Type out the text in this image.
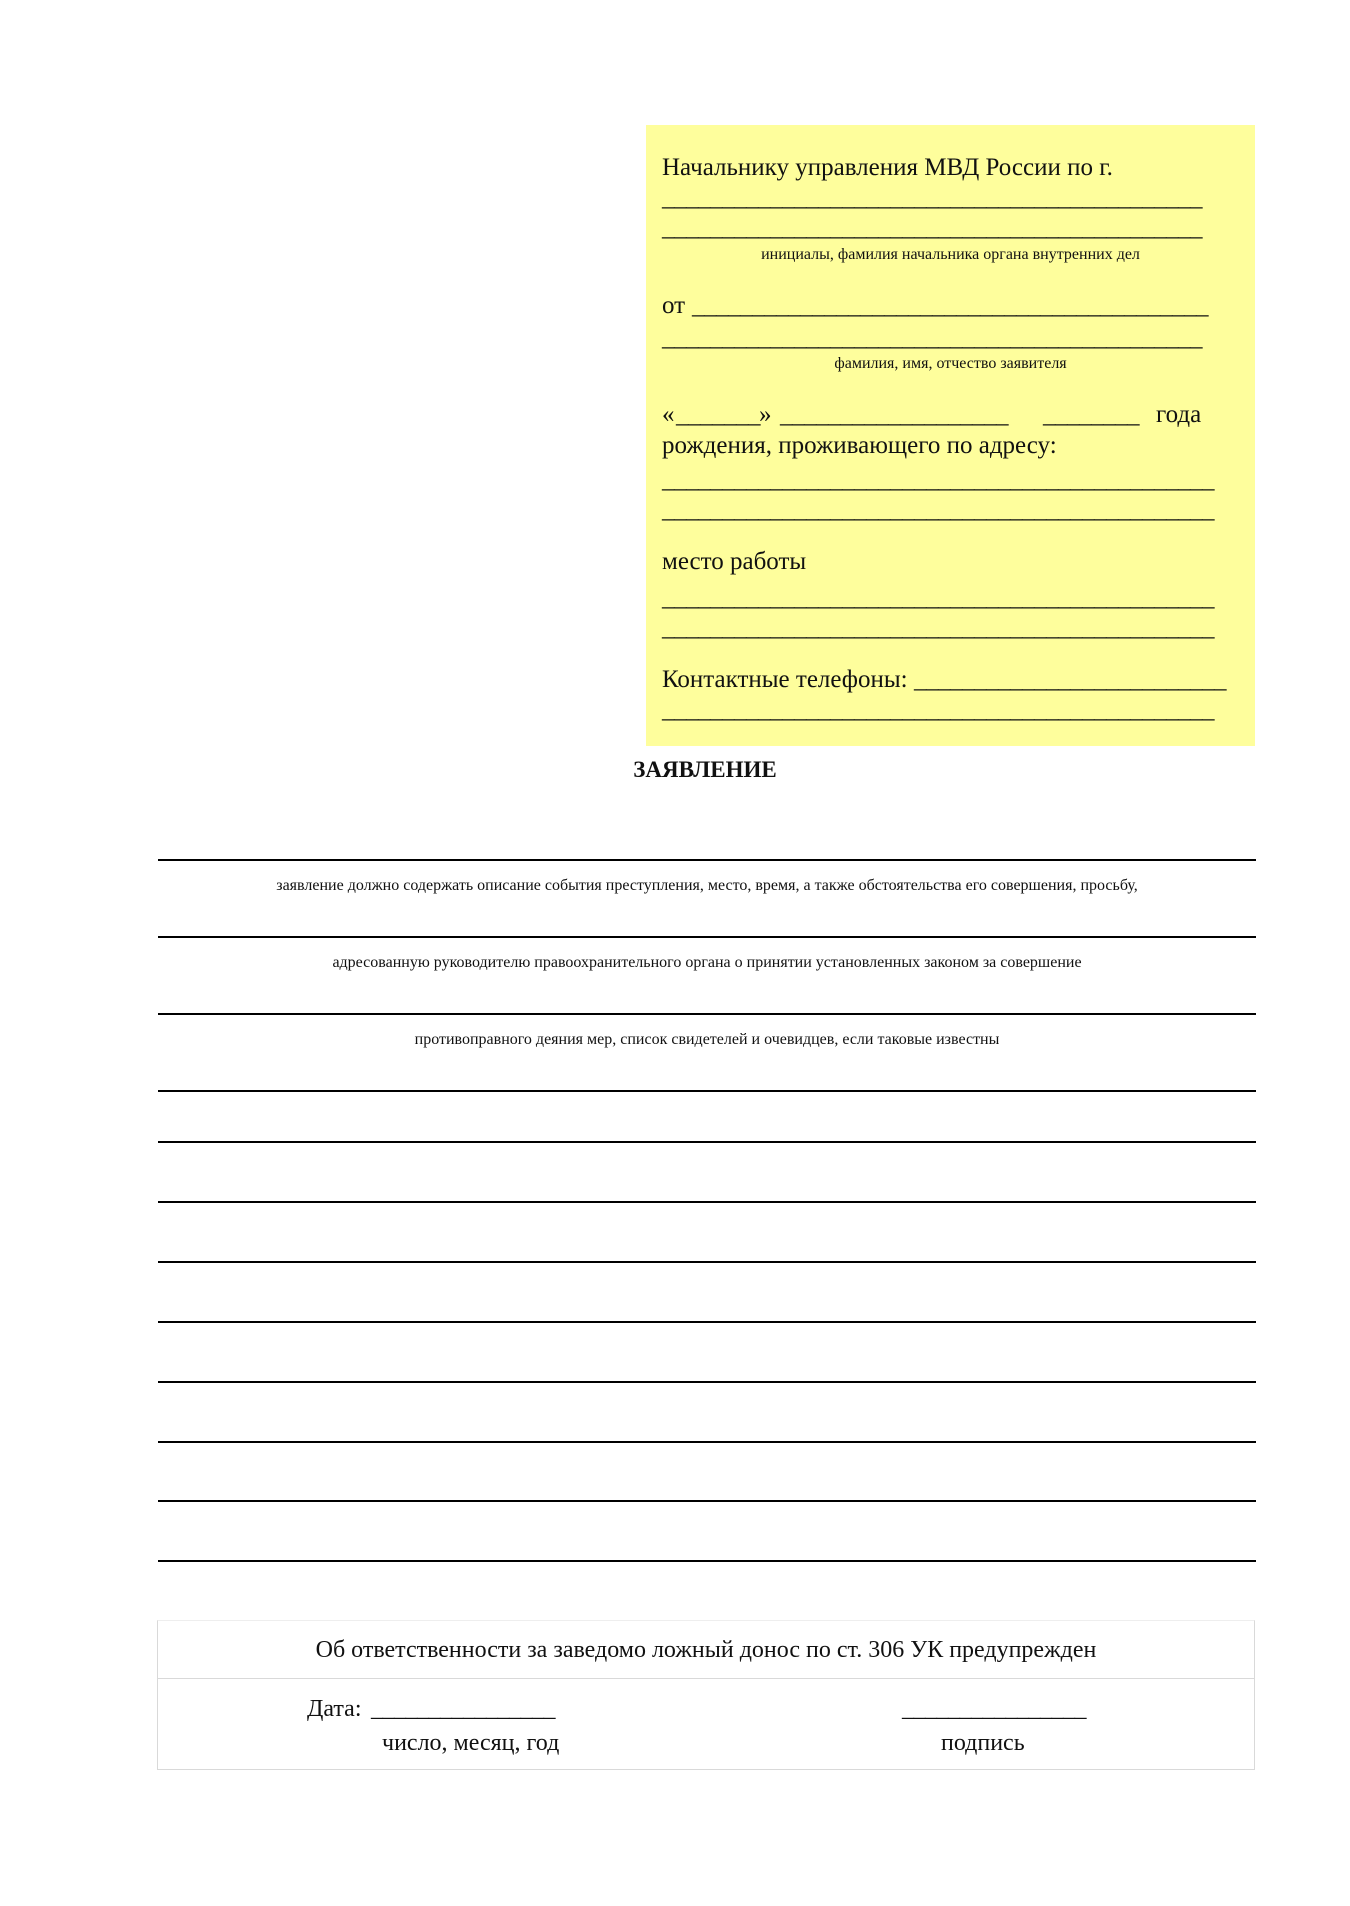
Начальнику управления МВД России по г.
_____________________________________________
_____________________________________________
инициалы, фамилия начальника органа внутренних дел
от ___________________________________________
_____________________________________________
фамилия, имя, отчество заявителя
« _______ » ___________________ ________ года
рождения, проживающего по адресу:
______________________________________________
______________________________________________
место работы
______________________________________________
______________________________________________
Контактные телефоны: __________________________
______________________________________________
ЗАЯВЛЕНИЕ
заявление должно содержать описание события преступления, место, время, а также обстоятельства его совершения, просьбу,
адресованную руководителю правоохранительного органа о принятии установленных законом за совершение
противоправного деяния мер, список свидетелей и очевидцев, если таковые известны
Об ответственности за заведомо ложный донос по ст. 306 УК предупрежден
Дата: ________________
число, месяц, год
________________
подпись
